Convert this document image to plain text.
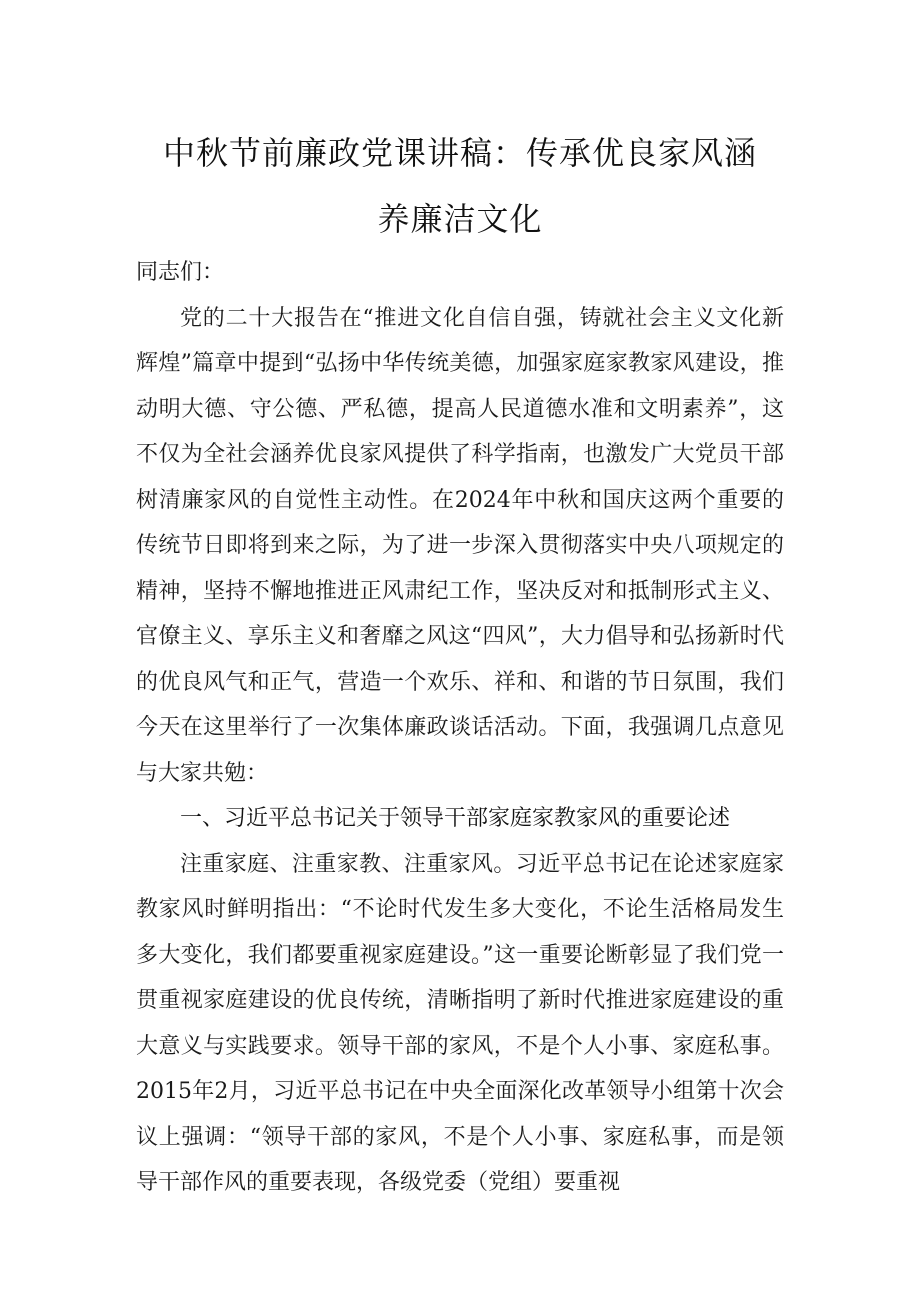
中秋节前廉政党课讲稿：传承优良家风涵
养廉洁文化

同志们：

党的二十大报告在“推进文化自信自强，铸就社会主义文化新辉煌”篇章中提到“弘扬中华传统美德，加强家庭家教家风建设，推动明大德、守公德、严私德，提高人民道德水准和文明素养”，这不仅为全社会涵养优良家风提供了科学指南，也激发广大党员干部树清廉家风的自觉性主动性。在2024年中秋和国庆这两个重要的传统节日即将到来之际，为了进一步深入贯彻落实中央八项规定的精神，坚持不懈地推进正风肃纪工作，坚决反对和抵制形式主义、官僚主义、享乐主义和奢靡之风这“四风”，大力倡导和弘扬新时代的优良风气和正气，营造一个欢乐、祥和、和谐的节日氛围，我们今天在这里举行了一次集体廉政谈话活动。下面，我强调几点意见与大家共勉：

一、习近平总书记关于领导干部家庭家教家风的重要论述

注重家庭、注重家教、注重家风。习近平总书记在论述家庭家教家风时鲜明指出：“不论时代发生多大变化，不论生活格局发生多大变化，我们都要重视家庭建设。”这一重要论断彰显了我们党一贯重视家庭建设的优良传统，清晰指明了新时代推进家庭建设的重大意义与实践要求。领导干部的家风，不是个人小事、家庭私事。2015年2月，习近平总书记在中央全面深化改革领导小组第十次会议上强调：“领导干部的家风，不是个人小事、家庭私事，而是领导干部作风的重要表现，各级党委（党组）要重视
